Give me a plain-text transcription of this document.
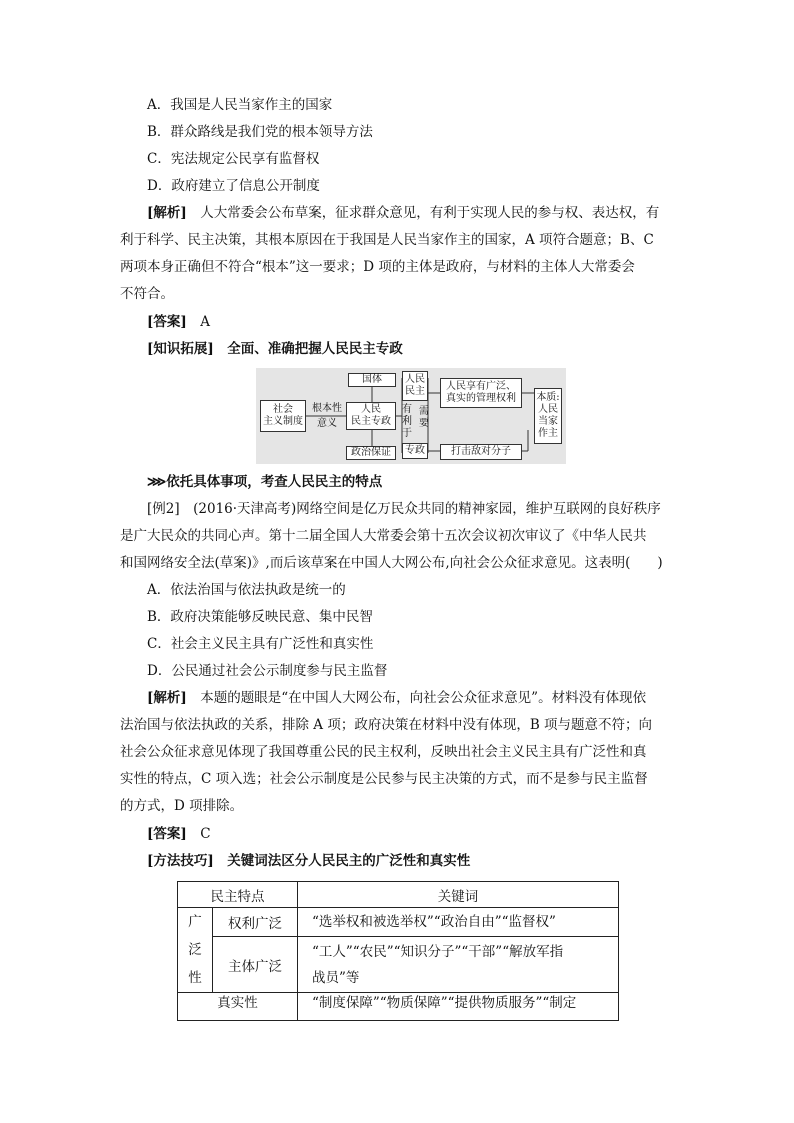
A．我国是人民当家作主的国家
B．群众路线是我们党的根本领导方法
C．宪法规定公民享有监督权
D．政府建立了信息公开制度
[解析]　 人大常委会公布草案，征求群众意见，有利于实现人民的参与权、表达权，有
利于科学、民主决策，其根本原因在于我国是人民当家作主的国家，A 项符合题意；B、C
两项本身正确但不符合“根本”这一要求；D 项的主体是政府，与材料的主体人大常委会
不符合。
[答案]　 A
[知识拓展]　 全面、准确把握人民民主专政
社会
主义制度
根本性
意义
国体
人民
民主专政
政治保证
人民
民主
有
利
于
需
要
专政
人民享有广泛、
真实的管理权利
打击敌对分子
本质:
人民
当家
作主
⋙依托具体事项，考查人民民主的特点
[例2]　(2016·天津高考)网络空间是亿万民众共同的精神家园，维护互联网的良好秩序
是广大民众的共同心声。第十二届全国人大常委会第十五次会议初次审议了《中华人民共
和国网络安全法(草案)》,而后该草案在中国人大网公布,向社会公众征求意见。这表明(　　)
A．依法治国与依法执政是统一的
B．政府决策能够反映民意、集中民智
C．社会主义民主具有广泛性和真实性
D．公民通过社会公示制度参与民主监督
[解析]　 本题的题眼是“在中国人大网公布，向社会公众征求意见”。材料没有体现依
法治国与依法执政的关系，排除 A 项；政府决策在材料中没有体现，B 项与题意不符；向
社会公众征求意见体现了我国尊重公民的民主权利，反映出社会主义民主具有广泛性和真
实性的特点，C 项入选；社会公示制度是公民参与民主决策的方式，而不是参与民主监督
的方式，D 项排除。
[答案]　 C
[方法技巧]　 关键词法区分人民民主的广泛性和真实性
民主特点		关键词
广
泛
性	权利广泛	“选举权和被选举权”“政治自由”“监督权”
	主体广泛	“工人”“农民”“知识分子”“干部”“解放军指
战员”等
真实性		“制度保障”“物质保障”“提供物质服务”“制定
